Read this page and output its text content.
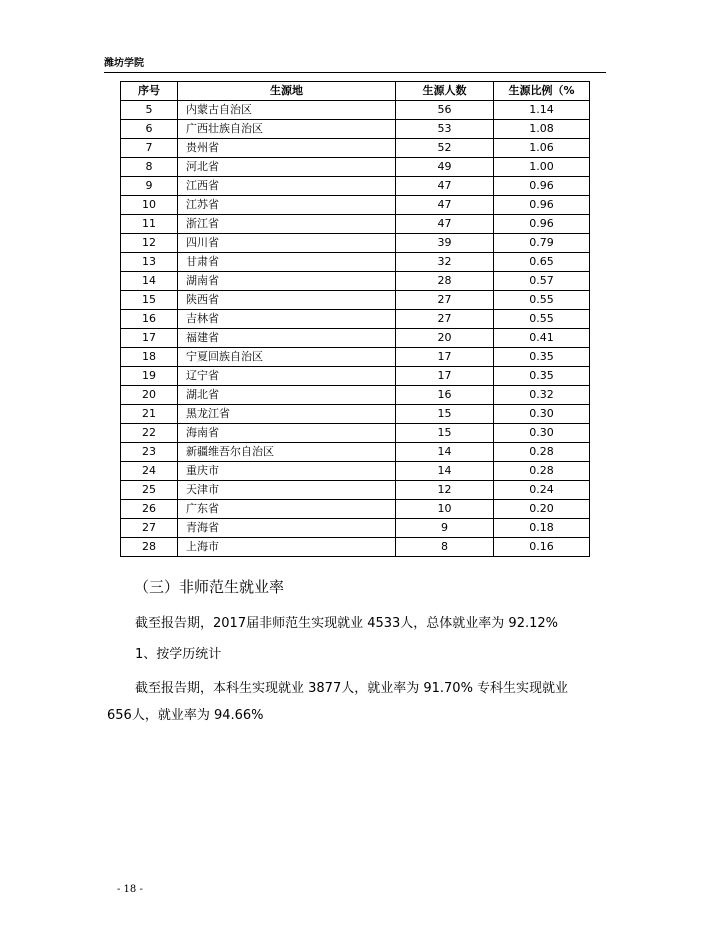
潍坊学院
序号	生源地	生源人数	生源比例（%
5	内蒙古自治区	56	1.14
6	广西壮族自治区	53	1.08
7	贵州省	52	1.06
8	河北省	49	1.00
9	江西省	47	0.96
10	江苏省	47	0.96
11	浙江省	47	0.96
12	四川省	39	0.79
13	甘肃省	32	0.65
14	湖南省	28	0.57
15	陕西省	27	0.55
16	吉林省	27	0.55
17	福建省	20	0.41
18	宁夏回族自治区	17	0.35
19	辽宁省	17	0.35
20	湖北省	16	0.32
21	黑龙江省	15	0.30
22	海南省	15	0.30
23	新疆维吾尔自治区	14	0.28
24	重庆市	14	0.28
25	天津市	12	0.24
26	广东省	10	0.20
27	青海省	9	0.18
28	上海市	8	0.16
（三）非师范生就业率
截至报告期，2017届非师范生实现就业 4533人，总体就业率为 92.12%
1、按学历统计
截至报告期，本科生实现就业 3877人，就业率为 91.70% 专科生实现就业
656人，就业率为 94.66%
- 18 -
